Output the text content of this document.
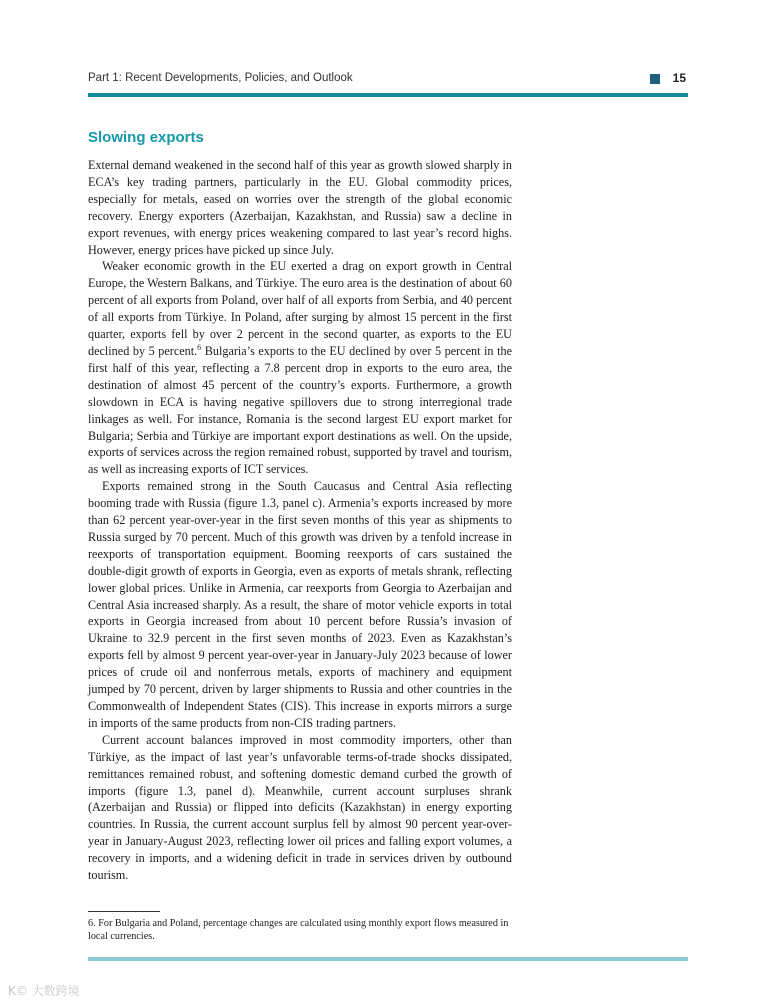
Part 1: Recent Developments, Policies, and Outlook	15
Slowing exports

External demand weakened in the second half of this year as growth slowed sharply in ECA’s key trading partners, particularly in the EU. Global commodity prices, especially for metals, eased on worries over the strength of the global economic recovery. Energy exporters (Azerbaijan, Kazakhstan, and Russia) saw a decline in export revenues, with energy prices weakening compared to last year’s record highs. However, energy prices have picked up since July.

Weaker economic growth in the EU exerted a drag on export growth in Central Europe, the Western Balkans, and Türkiye. The euro area is the destination of about 60 percent of all exports from Poland, over half of all exports from Serbia, and 40 percent of all exports from Türkiye. In Poland, after surging by almost 15 percent in the first quarter, exports fell by over 2 percent in the second quarter, as exports to the EU declined by 5 percent.$^6$ Bulgaria’s exports to the EU declined by over 5 percent in the first half of this year, reflecting a 7.8 percent drop in exports to the euro area, the destination of almost 45 percent of the country’s exports. Furthermore, a growth slowdown in ECA is having negative spillovers due to strong interregional trade linkages as well. For instance, Romania is the second largest EU export market for Bulgaria; Serbia and Türkiye are important export destinations as well. On the upside, exports of services across the region remained robust, supported by travel and tourism, as well as increasing exports of ICT services.

Exports remained strong in the South Caucasus and Central Asia reflecting booming trade with Russia (figure 1.3, panel c). Armenia’s exports increased by more than 62 percent year-over-year in the first seven months of this year as shipments to Russia surged by 70 percent. Much of this growth was driven by a tenfold increase in reexports of transportation equipment. Booming reexports of cars sustained the double-digit growth of exports in Georgia, even as exports of metals shrank, reflecting lower global prices. Unlike in Armenia, car reexports from Georgia to Azerbaijan and Central Asia increased sharply. As a result, the share of motor vehicle exports in total exports in Georgia increased from about 10 percent before Russia’s invasion of Ukraine to 32.9 percent in the first seven months of 2023. Even as Kazakhstan’s exports fell by almost 9 percent year-over-year in January-July 2023 because of lower prices of crude oil and nonferrous metals, exports of machinery and equipment jumped by 70 percent, driven by larger shipments to Russia and other countries in the Commonwealth of Independent States (CIS). This increase in exports mirrors a surge in imports of the same products from non-CIS trading partners.

Current account balances improved in most commodity importers, other than Türkiye, as the impact of last year’s unfavorable terms-of-trade shocks dissipated, remittances remained robust, and softening domestic demand curbed the growth of imports (figure 1.3, panel d). Meanwhile, current account surpluses shrank (Azerbaijan and Russia) or flipped into deficits (Kazakhstan) in energy exporting countries. In Russia, the current account surplus fell by almost 90 percent year-over-year in January-August 2023, reflecting lower oil prices and falling export volumes, a recovery in imports, and a widening deficit in trade in services driven by outbound tourism.

6. For Bulgaria and Poland, percentage changes are calculated using monthly export flows measured in local currencies.

K© 大数跨境
